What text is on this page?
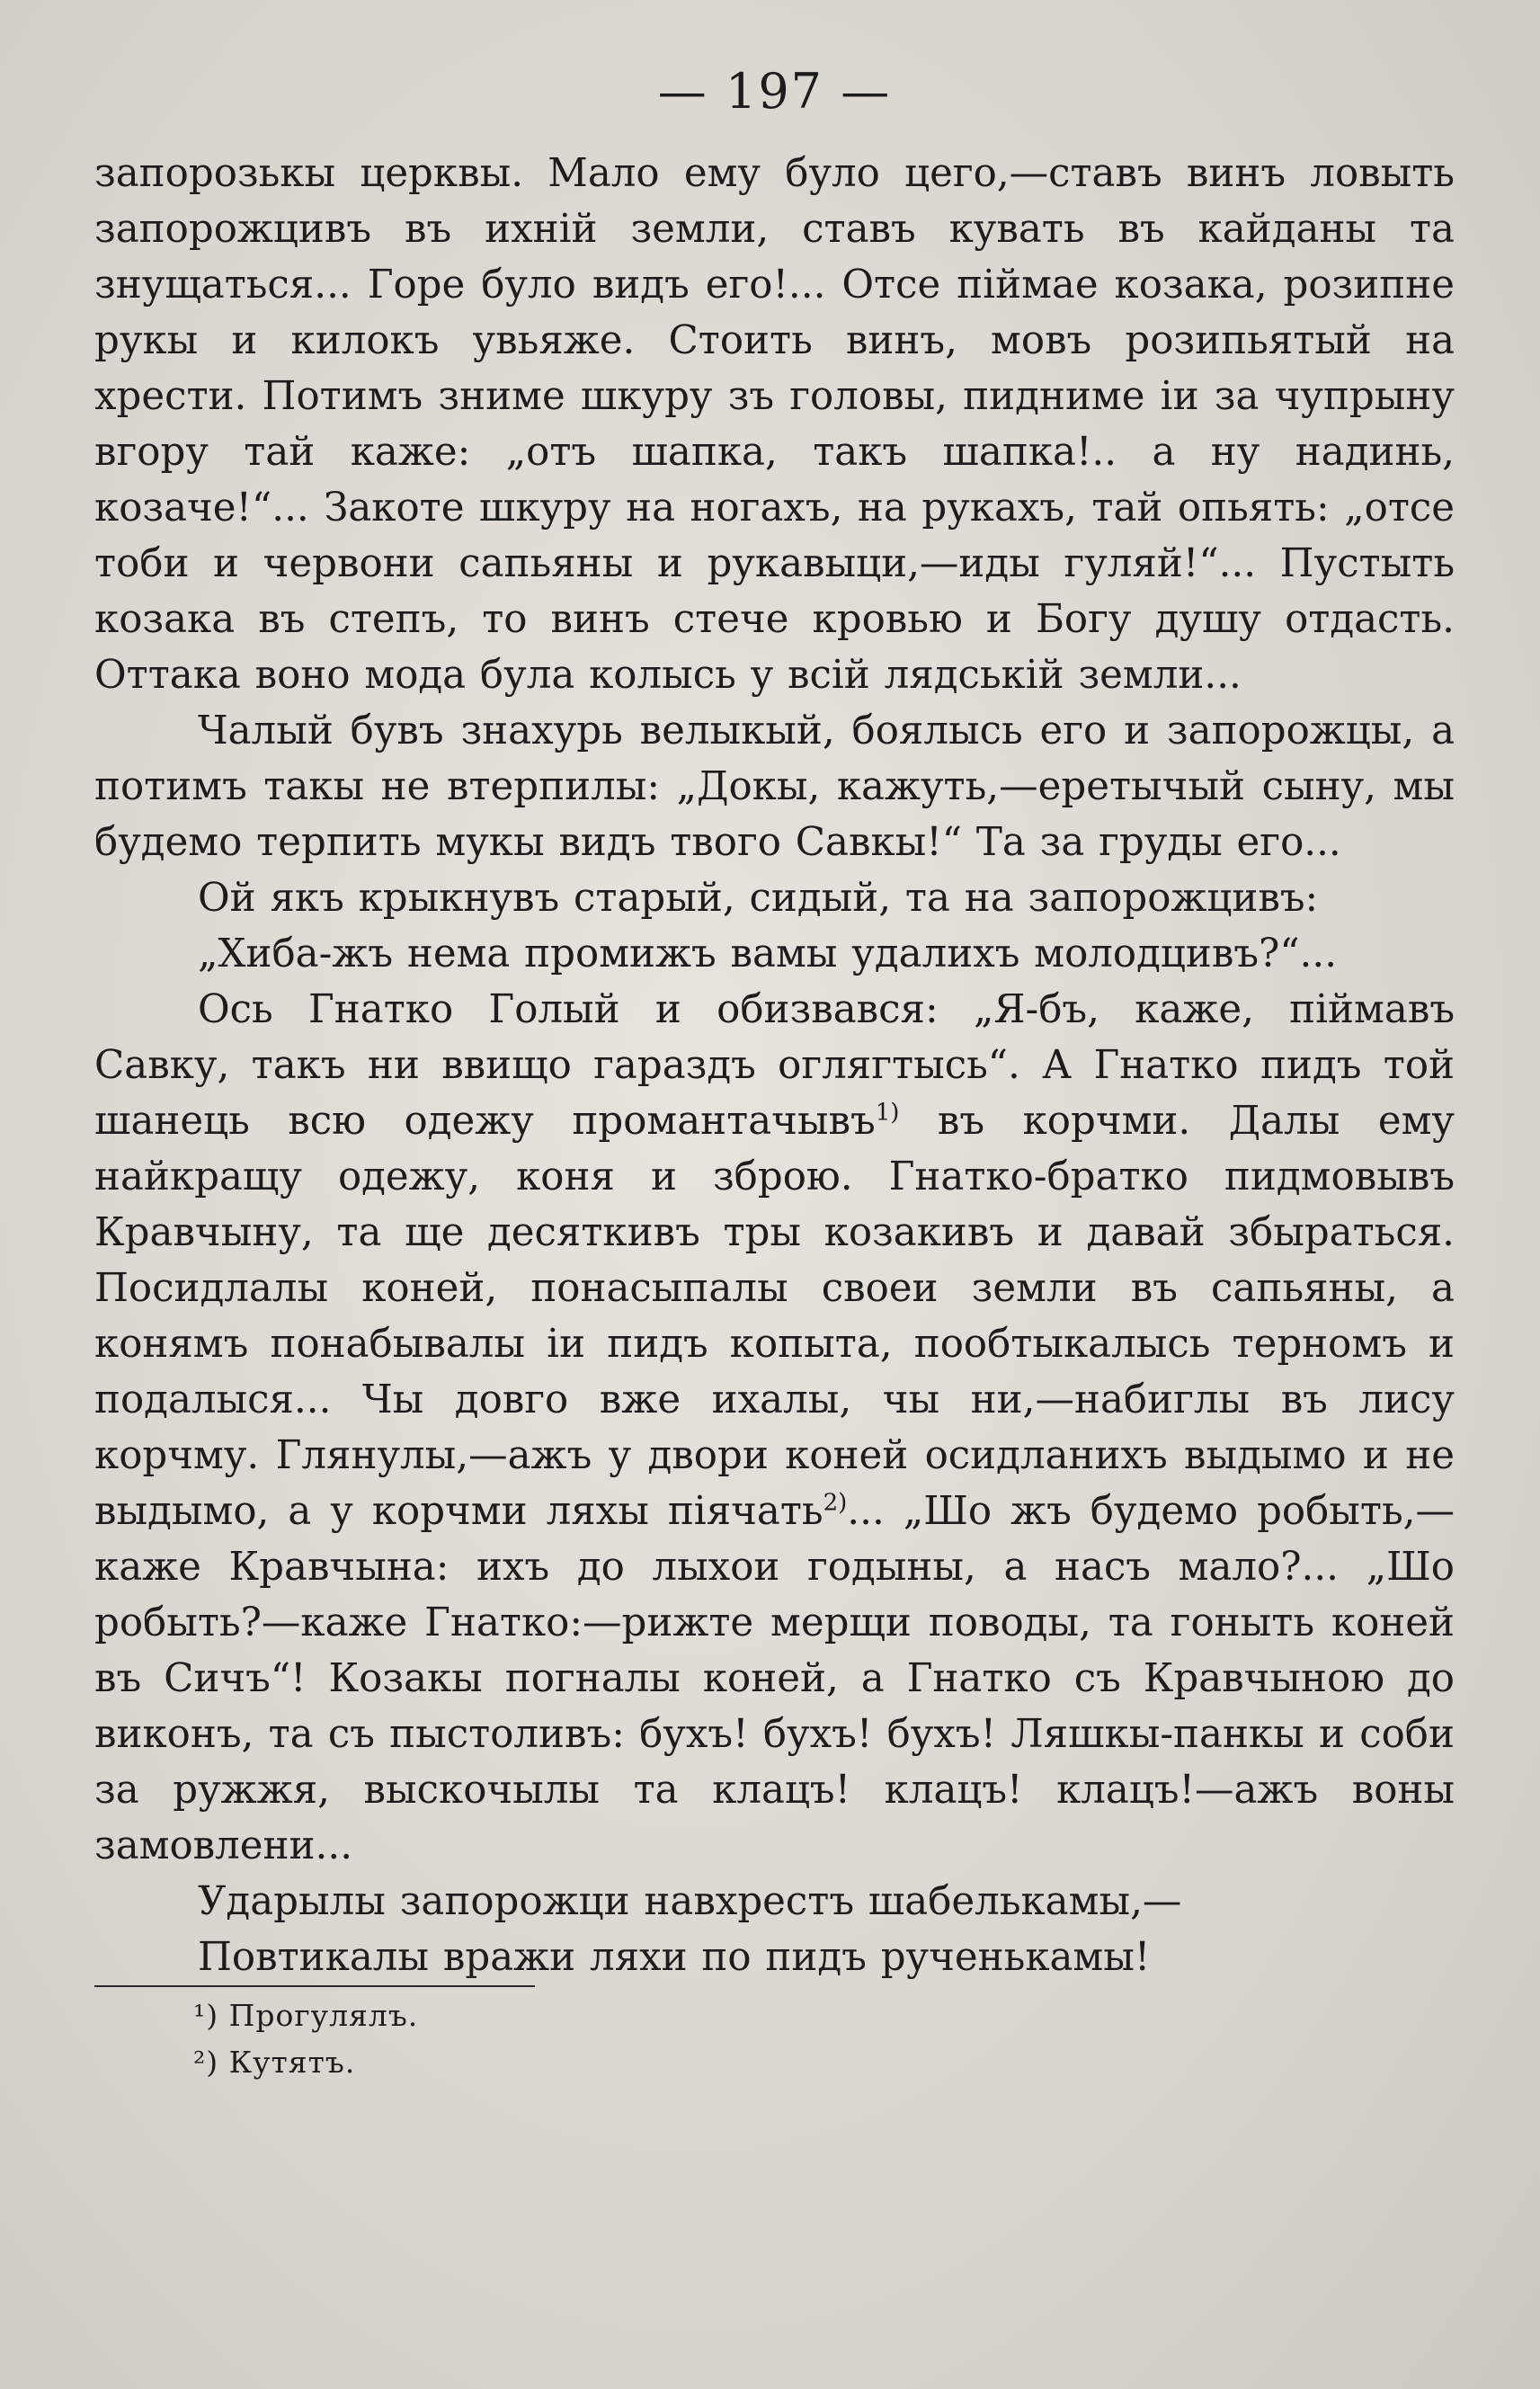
— 197 —

запорозькы церквы. Мало ему було цего,—ставъ винъ ловыть запорожцивъ въ ихній земли, ставъ кувать въ кайданы та знущаться... Горе було видъ его!... Отсе піймае козака, розипне рукы и килокъ увьяже. Стоить винъ, мовъ розипьятый на хрести. Потимъ зниме шкуру зъ головы, пидниме іи за чупрыну вгору тай каже: „отъ шапка, такъ шапка!.. а ну надинь, козаче!“... Закоте шкуру на ногахъ, на рукахъ, тай опьять: „отсе тоби и червони сапьяны и рукавыци,—иды гуляй!“... Пустыть козака въ степъ, то винъ стече кровью и Богу душу отдасть. Оттака воно мода була колысь у всій лядській земли...

Чалый бувъ знахурь велыкый, боялысь его и запорожцы, а потимъ такы не втерпилы: „Докы, кажуть,—еретычый сыну, мы будемо терпить мукы видъ твого Савкы!“ Та за груды его...

Ой якъ крыкнувъ старый, сидый, та на запорожцивъ:

„Хиба-жъ нема промижъ вамы удалихъ молодцивъ?“...

Ось Гнатко Голый и обизвався: „Я-бъ, каже, піймавъ Савку, такъ ни ввищо гараздъ оглягтысь“. А Гнатко пидъ той шанець всю одежу промантачывъ$^{1)}$ въ корчми. Далы ему найкращу одежу, коня и зброю. Гнатко-братко пидмовывъ Кравчыну, та ще десяткивъ тры козакивъ и давай збыраться. Посидлалы коней, понасыпалы своеи земли въ сапьяны, а конямъ понабывалы іи пидъ копыта, пообтыкалысь терномъ и подалыся... Чы довго вже ихалы, чы ни,—набиглы въ лису корчму. Глянулы,—ажъ у двори коней осидланихъ выдымо и не выдымо, а у корчми ляхы піячать$^{2)}$... „Шо жъ будемо робыть,—каже Кравчына: ихъ до лыхои годыны, а насъ мало?... „Шо робыть?—каже Гнатко:—рижте мерщи поводы, та гоныть коней въ Сичъ“! Козакы погналы коней, а Гнатко съ Кравчыною до виконъ, та съ пыстоливъ: бухъ! бухъ! бухъ! Ляшкы-панкы и соби за ружжя, выскочылы та клацъ! клацъ! клацъ!—ажъ воны замовлени...

Ударылы запорожци навхрестъ шабелькамы,—

Повтикалы вражи ляхи по пидъ рученькамы!

¹) Прогулялъ.
²) Кутятъ.
